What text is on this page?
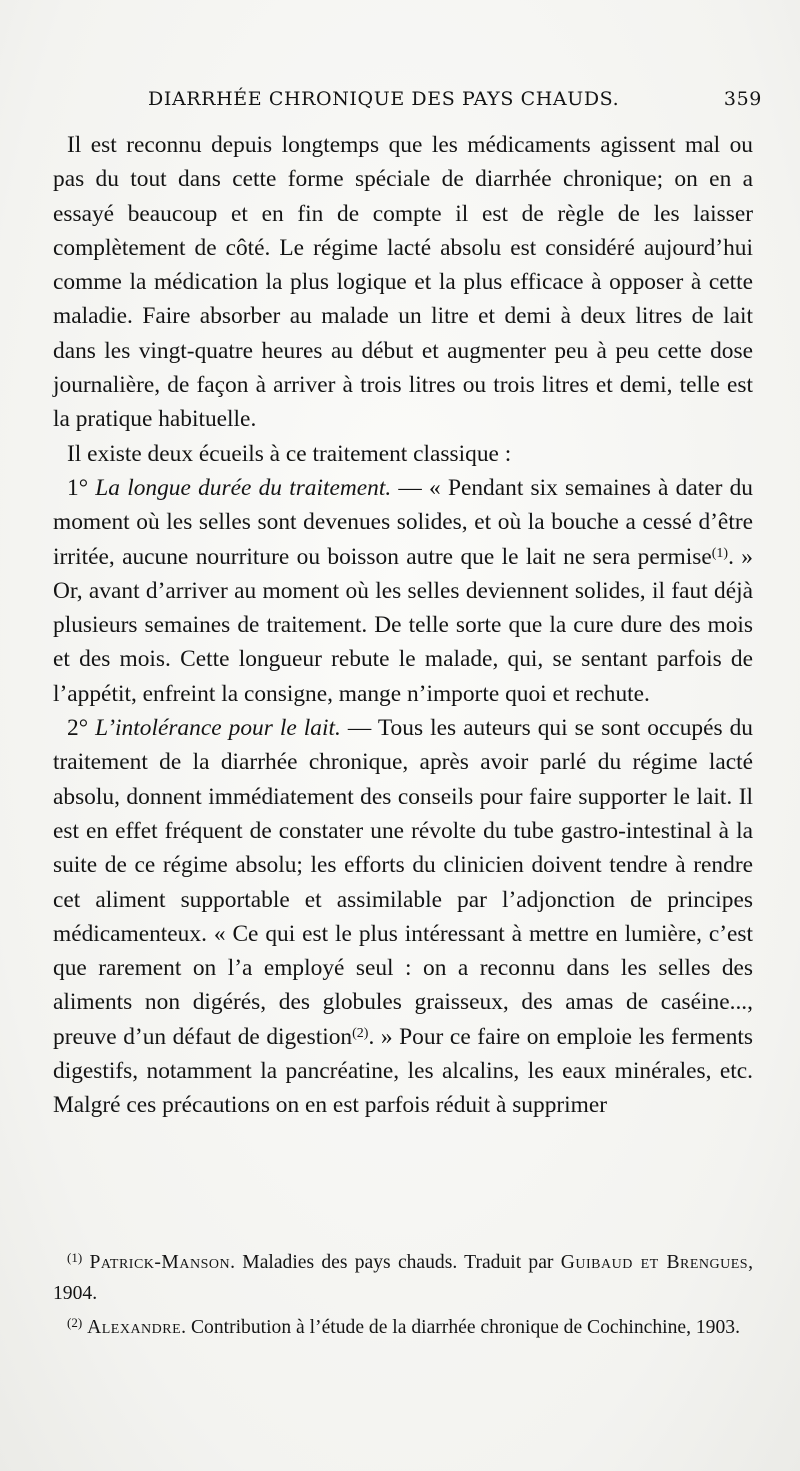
DIARRHÉE CHRONIQUE DES PAYS CHAUDS.	359

Il est reconnu depuis longtemps que les médicaments agissent mal ou pas du tout dans cette forme spéciale de diarrhée chronique; on en a essayé beaucoup et en fin de compte il est de règle de les laisser complètement de côté. Le régime lacté absolu est considéré aujourd’hui comme la médication la plus logique et la plus efficace à opposer à cette maladie. Faire absorber au malade un litre et demi à deux litres de lait dans les vingt-quatre heures au début et augmenter peu à peu cette dose journalière, de façon à arriver à trois litres ou trois litres et demi, telle est la pratique habituelle.

Il existe deux écueils à ce traitement classique :

1° La longue durée du traitement. — « Pendant six semaines à dater du moment où les selles sont devenues solides, et où la bouche a cessé d’être irritée, aucune nourriture ou boisson autre que le lait ne sera permise$^{(1)}$. » Or, avant d’arriver au moment où les selles deviennent solides, il faut déjà plusieurs semaines de traitement. De telle sorte que la cure dure des mois et des mois. Cette longueur rebute le malade, qui, se sentant parfois de l’appétit, enfreint la consigne, mange n’importe quoi et rechute.

2° L’intolérance pour le lait. — Tous les auteurs qui se sont occupés du traitement de la diarrhée chronique, après avoir parlé du régime lacté absolu, donnent immédiatement des conseils pour faire supporter le lait. Il est en effet fréquent de constater une révolte du tube gastro-intestinal à la suite de ce régime absolu; les efforts du clinicien doivent tendre à rendre cet aliment supportable et assimilable par l’adjonction de principes médicamenteux. « Ce qui est le plus intéressant à mettre en lumière, c’est que rarement on l’a employé seul : on a reconnu dans les selles des aliments non digérés, des globules graisseux, des amas de caséine..., preuve d’un défaut de digestion$^{(2)}$. » Pour ce faire on emploie les ferments digestifs, notamment la pancréatine, les alcalins, les eaux minérales, etc. Malgré ces précautions on en est parfois réduit à supprimer

$^{(1)}$ Patrick-Manson. Maladies des pays chauds. Traduit par Guibaud et Brengues, 1904.

$^{(2)}$ Alexandre. Contribution à l’étude de la diarrhée chronique de Cochinchine, 1903.
